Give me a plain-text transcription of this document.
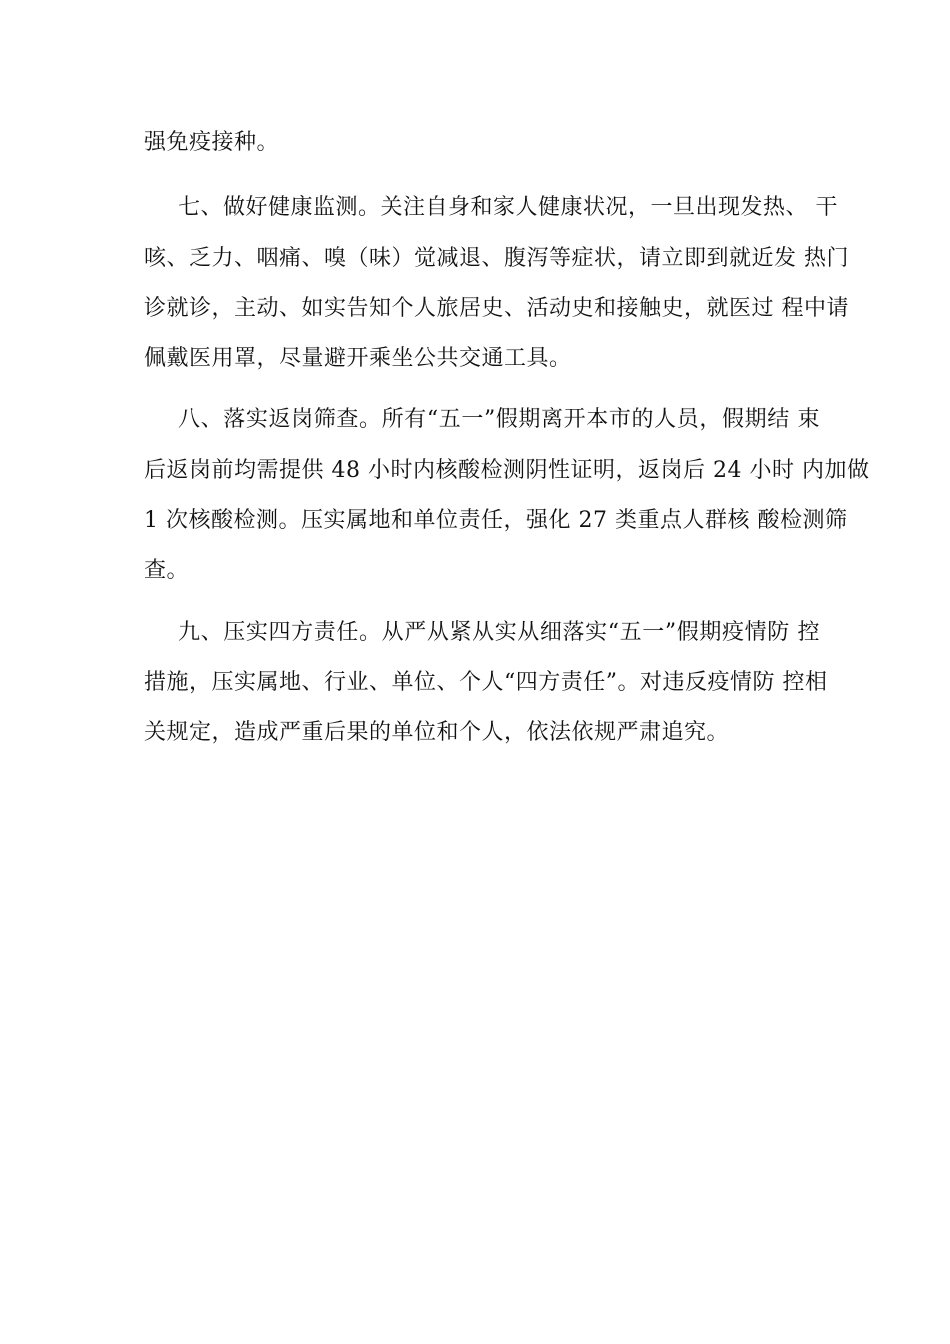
强免疫接种。
七、做好健康监测。关注自身和家人健康状况，一旦出现发热、 干
咳、乏力、咽痛、嗅（味）觉减退、腹泻等症状，请立即到就近发 热门
诊就诊，主动、如实告知个人旅居史、活动史和接触史，就医过 程中请
佩戴医用罩，尽量避开乘坐公共交通工具。
八、落实返岗筛查。所有“五一”假期离开本市的人员，假期结 束
后返岗前均需提供 48 小时内核酸检测阴性证明，返岗后 24 小时 内加做
1 次核酸检测。压实属地和单位责任，强化 27 类重点人群核 酸检测筛
查。
九、压实四方责任。从严从紧从实从细落实“五一”假期疫情防 控
措施，压实属地、行业、单位、个人“四方责任”。对违反疫情防 控相
关规定，造成严重后果的单位和个人，依法依规严肃追究。
